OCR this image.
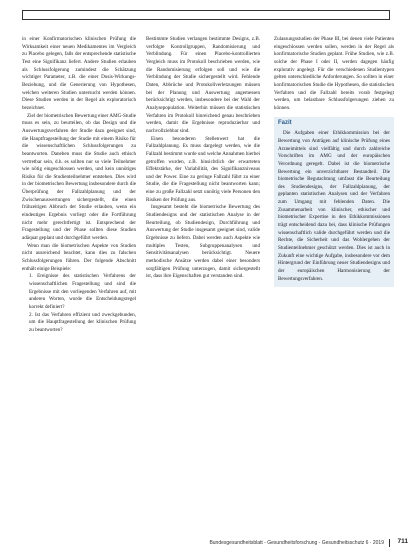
in einer Konfirmatorischen klinischen Prüfung die Wirksamkeit einer neuen Medikamentes im Vergleich zu Placebo gelegen, falls der entsprechende statistische Test eine Signifikanz liefert. Andere Studien erlauben als Schlussfolgerung zumindest die Schätzung wichtiger Parameter, z.B. die einer Dosis-Wirkungs-Beziehung, und die Generierung von Hypothesen, welchen weiteren Studien untersucht werden können. Diese Studien werden in der Regel als exploratorisch bezeichnet.

Ziel der biometrischen Bewertung einer AMG-Studie muss es sein, zu beurteilen, ob das Design und die Auswertungsverfahren der Studie dazu geeignet sind, die Hauptfragestellung der Studie mit einem Risiko für die wissenschaftlichen Schlussfolgerungen zu beantworten. Daneben muss die Studie auch ethisch vertretbar sein, d.h. es sollten nur so viele Teilnehmer wie nötig eingeschlossen werden, und kein unnötiges Risiko für die Studienteilnehmer entstehen. Dies wird in der biometrischen Bewertung insbesondere durch die Überprüfung der Fallzahlplanung und der Zwischenauswertungen sichergestellt, die einen frühzeitigen Abbruch der Studie erlauben, wenn ein eindeutiges Ergebnis vorliegt oder die Fortführung nicht mehr gerechtfertigt ist. Entsprechend der Fragestellung und der Phase sollten diese Studien adäquat geplant und durchgeführt werden.

Wenn man die biometrischen Aspekte von Studien nicht ausreichend beachtet, kann dies zu falschen Schlussfolgerungen führen. Der folgende Abschnitt enthält einige Beispiele:

1. Ereignisse des statistischen Verfahrens der wissenschaftlichen Fragestellung und sind die Ergebnisse mit den vorliegenden Verfahren auf, mit anderen Worten, wurde die Entscheidungsregel korrekt definiert?
2. Ist das Verfahren effizient und zweckgebunden, um die Hauptfragestellung der klinischen Prüfung zu beantworten?

Bestimmte Studien verlangen bestimmte Designs, z.B. verfolgte Kontrollgruppen, Randomisierung und Verblindung. Für einen Placebo-kontrollierten Vergleich muss im Protokoll beschrieben werden, wie die Randomisierung erfolgen soll und wie die Verblindung der Studie sichergestellt wird. Fehlende Daten, Abbrüche und Protokollverletzungen müssen bei der Planung und Auswertung angemessen berücksichtigt werden, insbesondere bei der Wahl der Analysepopulation. Weiterhin müssen die statistischen Verfahren im Protokoll hinreichend genau beschrieben werden, damit die Ergebnisse reproduzierbar und nachvollziehbar sind.

Einen besonderen Stellenwert hat die Fallzahlplanung. Es muss dargelegt werden, wie die Fallzahl bestimmt wurde und welche Annahmen hierbei getroffen wurden, z.B. hinsichtlich der erwarteten Effektstärke, der Variabilität, des Signifikanzniveaus und der Power. Eine zu geringe Fallzahl führt zu einer Studie, die die Fragestellung nicht beantworten kann; eine zu große Fallzahl setzt unnötig viele Personen den Risiken der Prüfung aus.

Insgesamt besteht die biometrische Bewertung des Studiendesigns und der statistischen Analyse in der Beurteilung, ob Studiendesign, Durchführung und Auswertung der Studie insgesamt geeignet sind, valide Ergebnisse zu liefern. Dabei werden auch Aspekte wie multiples Testen, Subgruppenanalysen und Sensitivitätsanalysen berücksichtigt. Neuere methodische Ansätze werden dabei einer besonders sorgfältigen Prüfung unterzogen, damit sichergestellt ist, dass ihre Eigenschaften gut verstanden sind.

Zulassungsstudien der Phase III, bei denen viele Patienten eingeschlossen werden sollen, werden in der Regel als konfirmatorische Studien geplant. Frühe Studien, wie z.B. solche der Phase I oder II, werden dagegen häufig explorativ angelegt. Für die verschiedenen Studientypen gelten unterschiedliche Anforderungen. So sollten in einer konfirmatorischen Studie die Hypothesen, die statistischen Verfahren und die Fallzahl bereits vorab festgelegt werden, um belastbare Schlussfolgerungen ziehen zu können.

Fazit

Die Aufgaben einer Ethikkommission bei der Bewertung von Anträgen auf klinische Prüfung eines Arzneimittels sind vielfältig und durch zahlreiche Vorschriften im AMG und der europäischen Verordnung geregelt. Dabei ist die biometrische Bewertung ein unverzichtbarer Bestandteil. Die biometrische Begutachtung umfasst die Beurteilung des Studiendesigns, der Fallzahlplanung, der geplanten statistischen Analysen und der Verfahren zum Umgang mit fehlenden Daten. Die Zusammenarbeit von klinischer, ethischer und biometrischer Expertise in den Ethikkommissionen trägt entscheidend dazu bei, dass klinische Prüfungen wissenschaftlich valide durchgeführt werden und die Rechte, die Sicherheit und das Wohlergehen der Studienteilnehmer geschützt werden. Dies ist auch in Zukunft eine wichtige Aufgabe, insbesondere vor dem Hintergrund der Einführung neuer Studiendesigns und der europäischen Harmonisierung der Bewertungsverfahren.

Bundesgesundheitsblatt - Gesundheitsforschung - Gesundheitsschutz 6 · 2019 711
